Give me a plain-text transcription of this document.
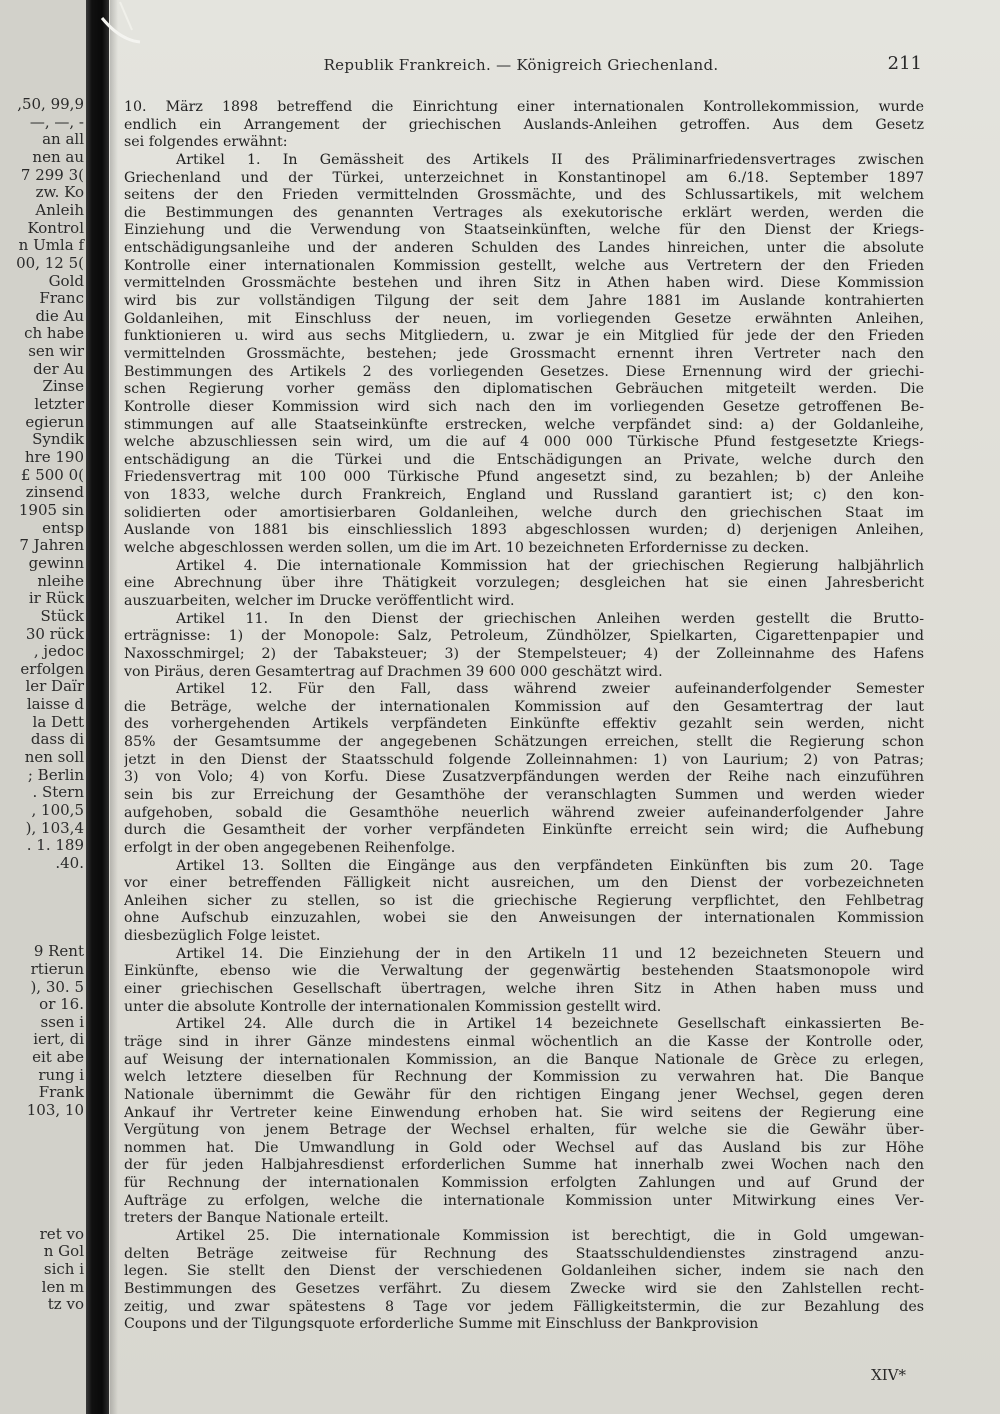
,50, 99,9
—, —, -
an all
nen au
7 299 3(
zw. Ko
Anleih
Kontrol
n Umla f
00, 12 5(
Gold
Franc
die Au
ch habe
sen wir
der Au
Zinse
letzter
egierun
Syndik
hre 190
£ 500 0(
zinsend
1905 sin
entsp
7 Jahren
gewinn
nleihe
ir Rück
Stück
30 rück
, jedoc
erfolgen
ler Daïr
laisse d
la Dett
dass di
nen soll
; Berlin
. Stern
, 100,5
), 103,4
. 1. 189
.40.
9 Rent
rtierun
), 30. 5
or 16.
ssen i
iert, di
eit abe
rung i
Frank
103, 10
ret vo
n Gol
sich i
len m
tz vo
Republik Frankreich. — Königreich Griechenland.	211
10. März 1898 betreffend die Einrichtung einer internationalen Kontrollekommission, wurde
endlich ein Arrangement der griechischen Auslands-Anleihen getroffen. Aus dem Gesetz
sei folgendes erwähnt:
Artikel 1. In Gemässheit des Artikels II des Präliminarfriedensvertrages zwischen
Griechenland und der Türkei, unterzeichnet in Konstantinopel am 6./18. September 1897
seitens der den Frieden vermittelnden Grossmächte, und des Schlussartikels, mit welchem
die Bestimmungen des genannten Vertrages als exekutorische erklärt werden, werden die
Einziehung und die Verwendung von Staatseinkünften, welche für den Dienst der Kriegs-
entschädigungsanleihe und der anderen Schulden des Landes hinreichen, unter die absolute
Kontrolle einer internationalen Kommission gestellt, welche aus Vertretern der den Frieden
vermittelnden Grossmächte bestehen und ihren Sitz in Athen haben wird. Diese Kommission
wird bis zur vollständigen Tilgung der seit dem Jahre 1881 im Auslande kontrahierten
Goldanleihen, mit Einschluss der neuen, im vorliegenden Gesetze erwähnten Anleihen,
funktionieren u. wird aus sechs Mitgliedern, u. zwar je ein Mitglied für jede der den Frieden
vermittelnden Grossmächte, bestehen; jede Grossmacht ernennt ihren Vertreter nach den
Bestimmungen des Artikels 2 des vorliegenden Gesetzes. Diese Ernennung wird der griechi-
schen Regierung vorher gemäss den diplomatischen Gebräuchen mitgeteilt werden. Die
Kontrolle dieser Kommission wird sich nach den im vorliegenden Gesetze getroffenen Be-
stimmungen auf alle Staatseinkünfte erstrecken, welche verpfändet sind: a) der Goldanleihe,
welche abzuschliessen sein wird, um die auf 4 000 000 Türkische Pfund festgesetzte Kriegs-
entschädigung an die Türkei und die Entschädigungen an Private, welche durch den
Friedensvertrag mit 100 000 Türkische Pfund angesetzt sind, zu bezahlen; b) der Anleihe
von 1833, welche durch Frankreich, England und Russland garantiert ist; c) den kon-
solidierten oder amortisierbaren Goldanleihen, welche durch den griechischen Staat im
Auslande von 1881 bis einschliesslich 1893 abgeschlossen wurden; d) derjenigen Anleihen,
welche abgeschlossen werden sollen, um die im Art. 10 bezeichneten Erfordernisse zu decken.
Artikel 4. Die internationale Kommission hat der griechischen Regierung halbjährlich
eine Abrechnung über ihre Thätigkeit vorzulegen; desgleichen hat sie einen Jahresbericht
auszuarbeiten, welcher im Drucke veröffentlicht wird.
Artikel 11. In den Dienst der griechischen Anleihen werden gestellt die Brutto-
erträgnisse: 1) der Monopole: Salz, Petroleum, Zündhölzer, Spielkarten, Cigarettenpapier und
Naxosschmirgel; 2) der Tabaksteuer; 3) der Stempelsteuer; 4) der Zolleinnahme des Hafens
von Piräus, deren Gesamtertrag auf Drachmen 39 600 000 geschätzt wird.
Artikel 12. Für den Fall, dass während zweier aufeinanderfolgender Semester
die Beträge, welche der internationalen Kommission auf den Gesamtertrag der laut
des vorhergehenden Artikels verpfändeten Einkünfte effektiv gezahlt sein werden, nicht
85% der Gesamtsumme der angegebenen Schätzungen erreichen, stellt die Regierung schon
jetzt in den Dienst der Staatsschuld folgende Zolleinnahmen: 1) von Laurium; 2) von Patras;
3) von Volo; 4) von Korfu. Diese Zusatzverpfändungen werden der Reihe nach einzuführen
sein bis zur Erreichung der Gesamthöhe der veranschlagten Summen und werden wieder
aufgehoben, sobald die Gesamthöhe neuerlich während zweier aufeinanderfolgender Jahre
durch die Gesamtheit der vorher verpfändeten Einkünfte erreicht sein wird; die Aufhebung
erfolgt in der oben angegebenen Reihenfolge.
Artikel 13. Sollten die Eingänge aus den verpfändeten Einkünften bis zum 20. Tage
vor einer betreffenden Fälligkeit nicht ausreichen, um den Dienst der vorbezeichneten
Anleihen sicher zu stellen, so ist die griechische Regierung verpflichtet, den Fehlbetrag
ohne Aufschub einzuzahlen, wobei sie den Anweisungen der internationalen Kommission
diesbezüglich Folge leistet.
Artikel 14. Die Einziehung der in den Artikeln 11 und 12 bezeichneten Steuern und
Einkünfte, ebenso wie die Verwaltung der gegenwärtig bestehenden Staatsmonopole wird
einer griechischen Gesellschaft übertragen, welche ihren Sitz in Athen haben muss und
unter die absolute Kontrolle der internationalen Kommission gestellt wird.
Artikel 24. Alle durch die in Artikel 14 bezeichnete Gesellschaft einkassierten Be-
träge sind in ihrer Gänze mindestens einmal wöchentlich an die Kasse der Kontrolle oder,
auf Weisung der internationalen Kommission, an die Banque Nationale de Grèce zu erlegen,
welch letztere dieselben für Rechnung der Kommission zu verwahren hat. Die Banque
Nationale übernimmt die Gewähr für den richtigen Eingang jener Wechsel, gegen deren
Ankauf ihr Vertreter keine Einwendung erhoben hat. Sie wird seitens der Regierung eine
Vergütung von jenem Betrage der Wechsel erhalten, für welche sie die Gewähr über-
nommen hat. Die Umwandlung in Gold oder Wechsel auf das Ausland bis zur Höhe
der für jeden Halbjahresdienst erforderlichen Summe hat innerhalb zwei Wochen nach den
für Rechnung der internationalen Kommission erfolgten Zahlungen und auf Grund der
Aufträge zu erfolgen, welche die internationale Kommission unter Mitwirkung eines Ver-
treters der Banque Nationale erteilt.
Artikel 25. Die internationale Kommission ist berechtigt, die in Gold umgewan-
delten Beträge zeitweise für Rechnung des Staatsschuldendienstes zinstragend anzu-
legen. Sie stellt den Dienst der verschiedenen Goldanleihen sicher, indem sie nach den
Bestimmungen des Gesetzes verfährt. Zu diesem Zwecke wird sie den Zahlstellen recht-
zeitig, und zwar spätestens 8 Tage vor jedem Fälligkeitstermin, die zur Bezahlung des
Coupons und der Tilgungsquote erforderliche Summe mit Einschluss der Bankprovision
XIV*
